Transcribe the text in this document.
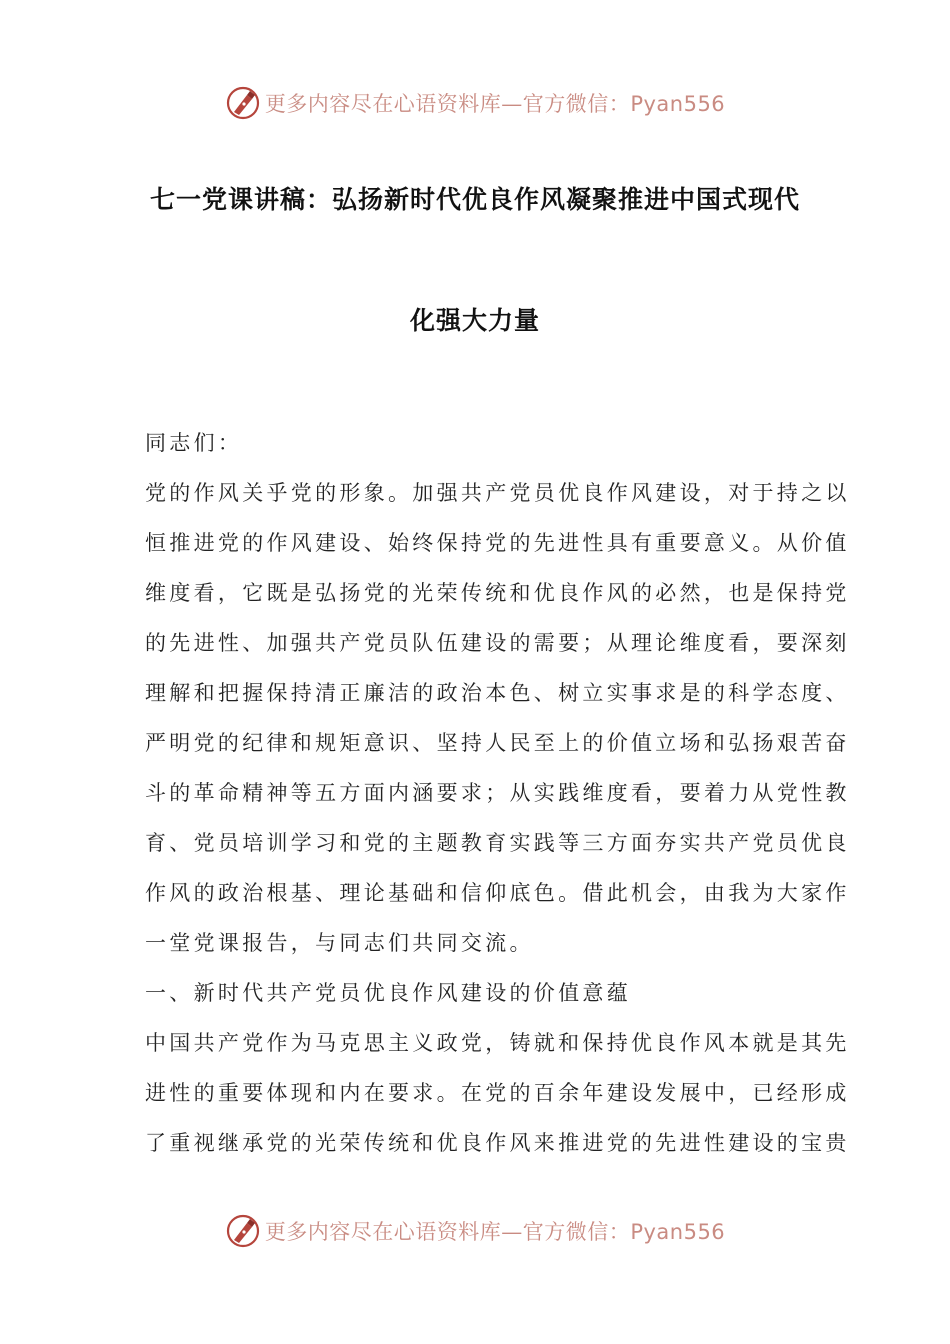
更多内容尽在心语资料库—官方微信：Pyan556
七一党课讲稿：弘扬新时代优良作风凝聚推进中国式现代
化强大力量

同志们：

党的作风关乎党的形象。加强共产党员优良作风建设，对于持之以

恒推进党的作风建设、始终保持党的先进性具有重要意义。从价值

维度看，它既是弘扬党的光荣传统和优良作风的必然，也是保持党

的先进性、加强共产党员队伍建设的需要；从理论维度看，要深刻

理解和把握保持清正廉洁的政治本色、树立实事求是的科学态度、

严明党的纪律和规矩意识、坚持人民至上的价值立场和弘扬艰苦奋

斗的革命精神等五方面内涵要求；从实践维度看，要着力从党性教

育、党员培训学习和党的主题教育实践等三方面夯实共产党员优良

作风的政治根基、理论基础和信仰底色。借此机会，由我为大家作

一堂党课报告，与同志们共同交流。

一、新时代共产党员优良作风建设的价值意蕴

中国共产党作为马克思主义政党，铸就和保持优良作风本就是其先

进性的重要体现和内在要求。在党的百余年建设发展中，已经形成

了重视继承党的光荣传统和优良作风来推进党的先进性建设的宝贵

更多内容尽在心语资料库—官方微信：Pyan556
